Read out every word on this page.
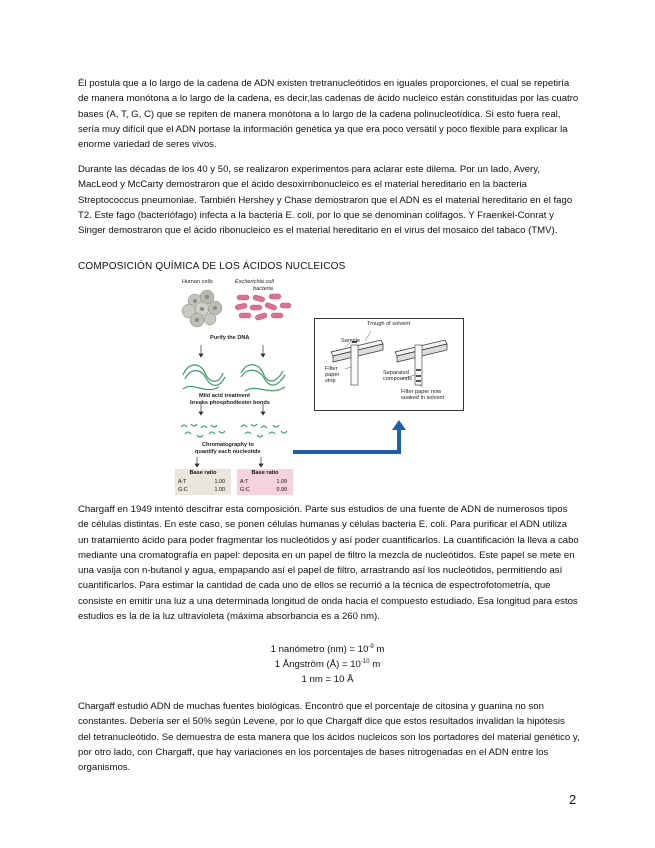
Él postula que a lo largo de la cadena de ADN existen tretranucleótidos en iguales proporciones, el cual se repetiría de manera monótona a lo largo de la cadena, es decir,las cadenas de ácido nucleico están constituidas por las cuatro bases (A, T, G, C) que se repiten de manera monótona a lo largo de la cadena polinucleotídica. Si esto fuera real, sería muy difícil que el ADN portase la información genética ya que era poco versátil y poco flexible para explicar la enorme variedad de seres vivos.

Durante las décadas de los 40 y 50, se realizaron experimentos para aclarar este dilema. Por un lado, Avery, MacLeod y McCarty demostraron que el ácido desoxirribonucleico es el material hereditario en la bacteria Streptococcus pneumoniae. También Hershey y Chase demostraron que el ADN es el material hereditario en el fago T2. Este fago (bacteriófago) infecta a la bacteria E. coli, por lo que se denominan colifagos. Y Fraenkel-Conrat y Singer demostraron que el ácido ribonucleico es el material hereditario en el virus del mosaico del tabaco (TMV).

COMPOSICIÓN QUÍMICA DE LOS ÁCIDOS NUCLEICOS

Human cells	Escherichia coli
bacteria
Purify the DNA
Mild acid treatment
breaks phosphodiester bonds
Chromatography to
quantify each nucleotide
Base ratio
A:T	1.00
G:C	1.00
Base ratio
A:T	1.09
G:C	0.99
Trough of solvent
Sample
Filter
paper
strip
Separated
compounds
Filter paper now
soaked in solvent

Chargaff en 1949 intentó descifrar esta composición. Parte sus estudios de una fuente de ADN de numerosos tipos de células distintas. En este caso, se ponen células humanas y células bacteria E. coli. Para purificar el ADN utiliza un tratamiento ácido para poder fragmentar los nucleótidos y así poder cuantificarlos. La cuantificación la lleva a cabo mediante una cromatografía en papel: deposita en un papel de filtro la mezcla de nucleótidos. Este papel se mete en una vasija con n-butanol y agua, empapando así el papel de filtro, arrastrando así los nucleótidos, permitiendo así cuantificarlos. Para estimar la cantidad de cada uno de ellos se recurrió a la técnica de espectrofotometría, que consiste en emitir una luz a una determinada longitud de onda hacia el compuesto estudiado. Esa longitud para estos estudios es la de la luz ultravioleta (máxima absorbancia es a 260 nm).

1 nanómetro $(nm) = 10^{-9}$ m

1 Ångström (Å) = $10^{-10}$ m

1 nm = 10 Å

Chargaff estudió ADN de muchas fuentes biológicas. Encontró que el porcentaje de citosina y guanina no son constantes. Debería ser el 50% según Levene, por lo que Chargaff dice que estos resultados invalidan la hipótesis del tetranucleótido. Se demuestra de esta manera que los ácidos nucleicos son los portadores del material genético y, por otro lado, con Chargaff, que hay variaciones en los porcentajes de bases nitrogenadas en el ADN entre los organismos.

2
